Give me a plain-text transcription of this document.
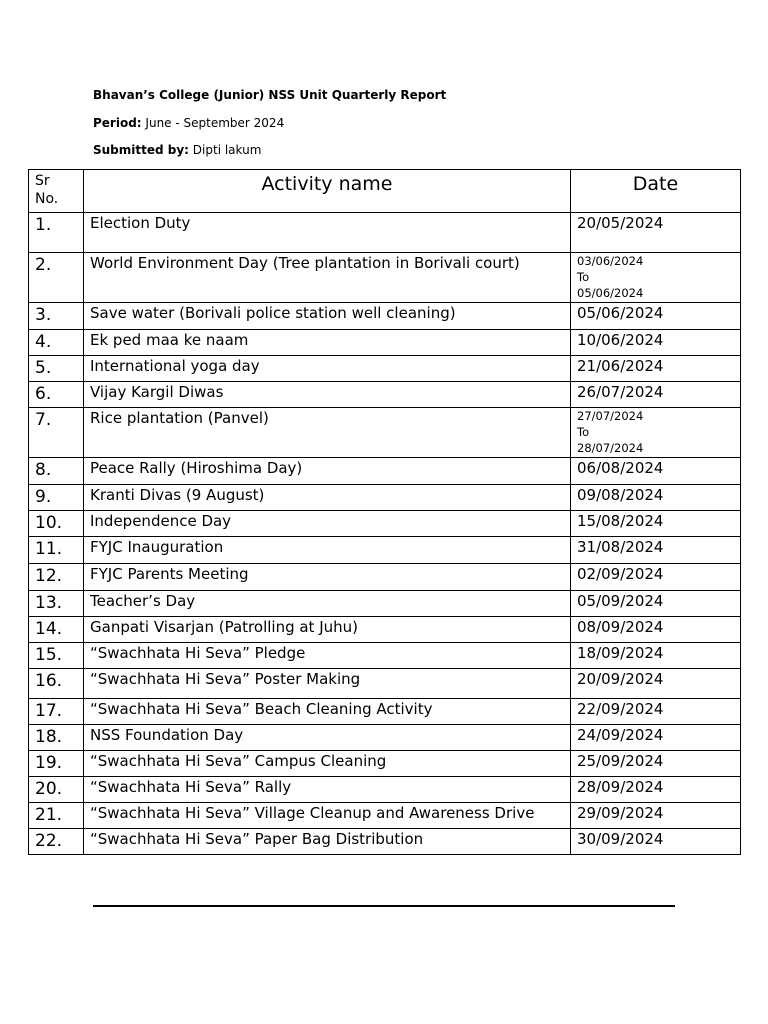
Bhavan’s College (Junior) NSS Unit Quarterly Report
Period: June - September 2024
Submitted by: Dipti lakum
Sr
No.	Activity name	Date
1.	Election Duty	20/05/2024
2.	World Environment Day (Tree plantation in Borivali court)	03/06/2024
To
05/06/2024

3.	Save water (Borivali police station well cleaning)	05/06/2024
4.	Ek ped maa ke naam	10/06/2024
5.	International yoga day	21/06/2024
6.	Vijay Kargil Diwas	26/07/2024
7.	Rice plantation (Panvel)	27/07/2024
To
28/07/2024

8.	Peace Rally (Hiroshima Day)	06/08/2024
9.	Kranti Divas (9 August)	09/08/2024
10.	Independence Day	15/08/2024
11.	FYJC Inauguration	31/08/2024
12.	FYJC Parents Meeting	02/09/2024
13.	Teacher’s Day	05/09/2024
14.	Ganpati Visarjan (Patrolling at Juhu)	08/09/2024
15.	“Swachhata Hi Seva” Pledge	18/09/2024
16.	“Swachhata Hi Seva” Poster Making	20/09/2024
17.	“Swachhata Hi Seva” Beach Cleaning Activity	22/09/2024
18.	NSS Foundation Day	24/09/2024
19.	“Swachhata Hi Seva” Campus Cleaning	25/09/2024
20.	“Swachhata Hi Seva” Rally	28/09/2024
21.	“Swachhata Hi Seva” Village Cleanup and Awareness Drive	29/09/2024
22.	“Swachhata Hi Seva” Paper Bag Distribution	30/09/2024
